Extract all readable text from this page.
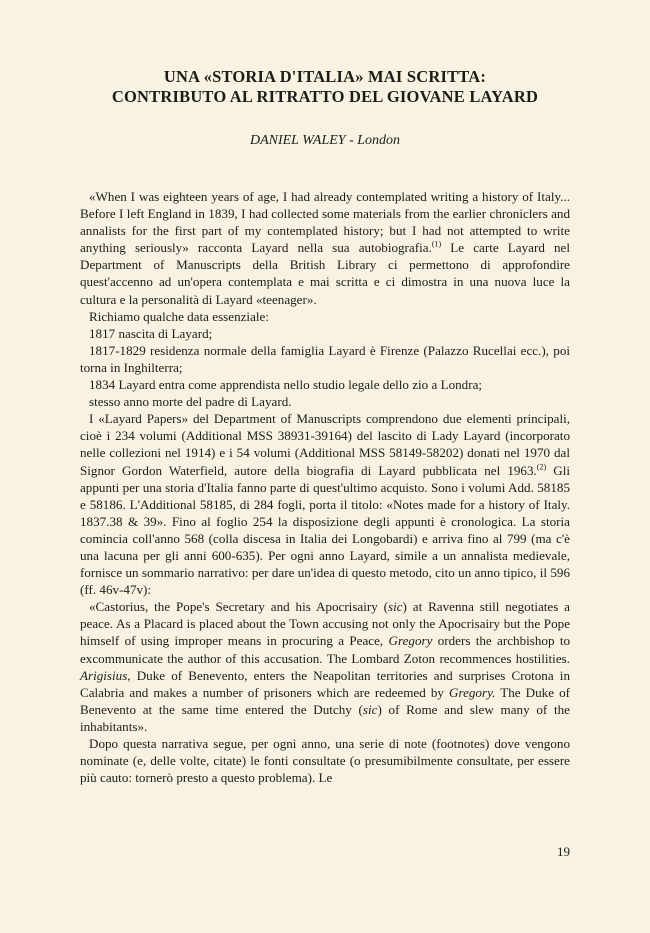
UNA «STORIA D'ITALIA» MAI SCRITTA:
CONTRIBUTO AL RITRATTO DEL GIOVANE LAYARD

DANIEL WALEY - London

«When I was eighteen years of age, I had already contemplated writing a history of Italy... Before I left England in 1839, I had collected some materials from the earlier chroniclers and annalists for the first part of my contemplated history; but I had not attempted to write anything seriously» racconta Layard nella sua autobiografia.$^{(1)}$ Le carte Layard nel Department of Manuscripts della British Library ci permettono di approfondire quest'accenno ad un'opera contemplata e mai scritta e ci dimostra in una nuova luce la cultura e la personalità di Layard «teenager».

Richiamo qualche data essenziale:

1817 nascita di Layard;

1817-1829 residenza normale della famiglia Layard è Firenze (Palazzo Rucellai ecc.), poi torna in Inghilterra;

1834 Layard entra come apprendista nello studio legale dello zio a Londra;

stesso anno morte del padre di Layard.

I «Layard Papers» del Department of Manuscripts comprendono due elementi principali, cioè i 234 volumi (Additional MSS 38931-39164) del lascito di Lady Layard (incorporato nelle collezioni nel 1914) e i 54 volumi (Additional MSS 58149-58202) donati nel 1970 dal Signor Gordon Waterfield, autore della biografia di Layard pubblicata nel 1963.$^{(2)}$ Gli appunti per una storia d'Italia fanno parte di quest'ultimo acquisto. Sono i volumi Add. 58185 e 58186. L'Additional 58185, di 284 fogli, porta il titolo: «Notes made for a history of Italy. 1837.38 & 39». Fino al foglio 254 la disposizione degli appunti è cronologica. La storia comincia coll'anno 568 (colla discesa in Italia dei Longobardi) e arriva fino al 799 (ma c'è una lacuna per gli anni 600-635). Per ogni anno Layard, simile a un annalista medievale, fornisce un sommario narrativo: per dare un'idea di questo metodo, cito un anno tipico, il 596 (ff. 46v-47v):

«Castorius, the Pope's Secretary and his Apocrisairy (sic) at Ravenna still negotiates a peace. As a Placard is placed about the Town accusing not only the Apocrisairy but the Pope himself of using improper means in procuring a Peace, Gregory orders the archbishop to excommunicate the author of this accusation. The Lombard Zoton recommences hostilities. Arigisius, Duke of Benevento, enters the Neapolitan territories and surprises Crotona in Calabria and makes a number of prisoners which are redeemed by Gregory. The Duke of Benevento at the same time entered the Dutchy (sic) of Rome and slew many of the inhabitants».

Dopo questa narrativa segue, per ogni anno, una serie di note (footnotes) dove vengono nominate (e, delle volte, citate) le fonti consultate (o presumibilmente consultate, per essere più cauto: tornerò presto a questo problema). Le

19
